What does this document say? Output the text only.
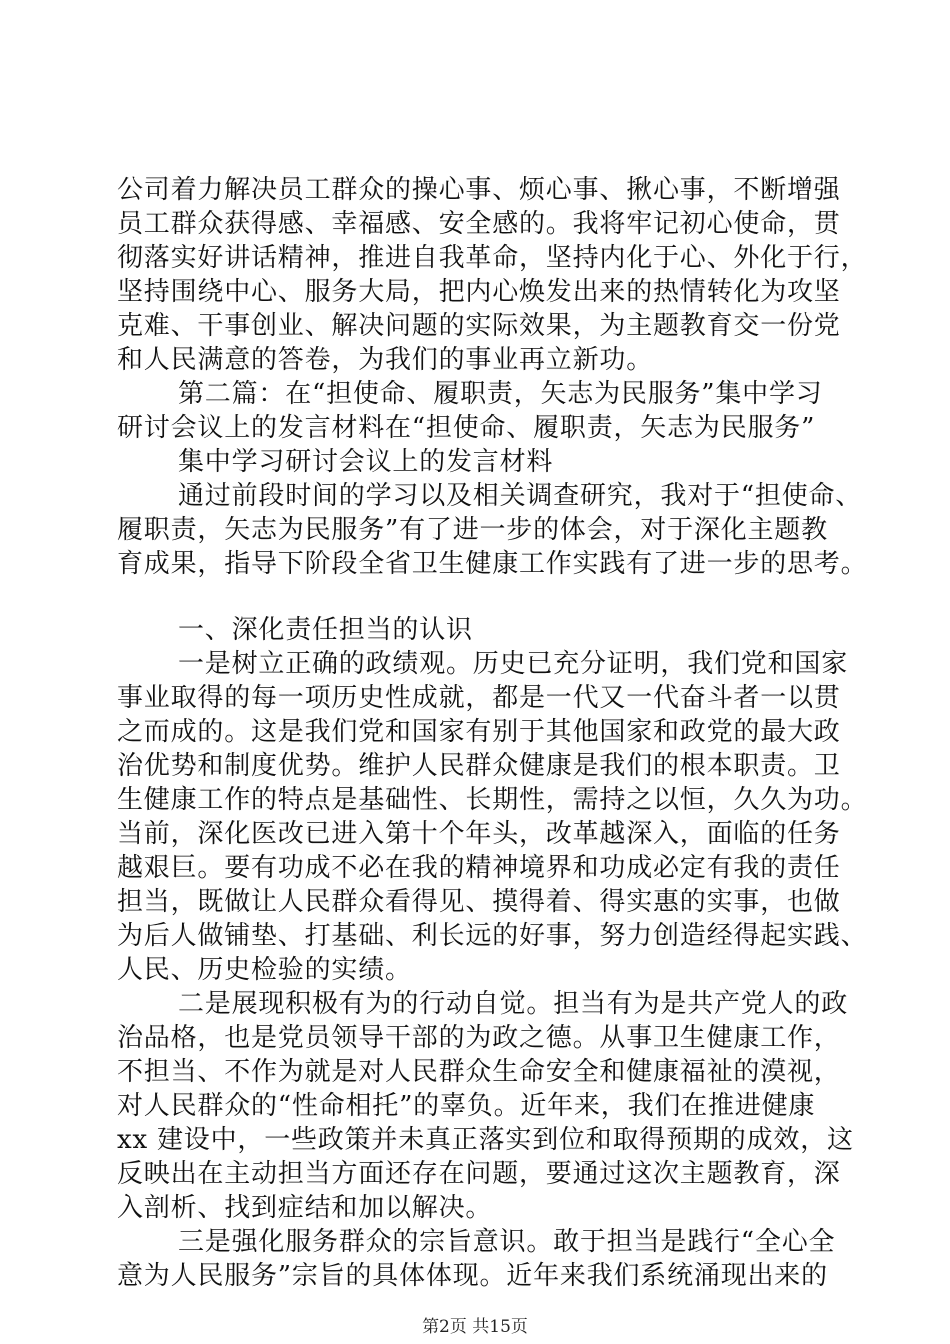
公司着力解决员工群众的操心事、烦心事、揪心事，不断增强
员工群众获得感、幸福感、安全感的。我将牢记初心使命，贯
彻落实好讲话精神，推进自我革命，坚持内化于心、外化于行，
坚持围绕中心、服务大局，把内心焕发出来的热情转化为攻坚
克难、干事创业、解决问题的实际效果，为主题教育交一份党
和人民满意的答卷，为我们的事业再立新功。
第二篇：在“担使命、履职责，矢志为民服务”集中学习
研讨会议上的发言材料在“担使命、履职责，矢志为民服务”
集中学习研讨会议上的发言材料
通过前段时间的学习以及相关调查研究，我对于“担使命、
履职责，矢志为民服务”有了进一步的体会，对于深化主题教
育成果，指导下阶段全省卫生健康工作实践有了进一步的思考。
一、深化责任担当的认识
一是树立正确的政绩观。历史已充分证明，我们党和国家
事业取得的每一项历史性成就，都是一代又一代奋斗者一以贯
之而成的。这是我们党和国家有别于其他国家和政党的最大政
治优势和制度优势。维护人民群众健康是我们的根本职责。卫
生健康工作的特点是基础性、长期性，需持之以恒，久久为功。
当前，深化医改已进入第十个年头，改革越深入，面临的任务
越艰巨。要有功成不必在我的精神境界和功成必定有我的责任
担当，既做让人民群众看得见、摸得着、得实惠的实事，也做
为后人做铺垫、打基础、利长远的好事，努力创造经得起实践、
人民、历史检验的实绩。
二是展现积极有为的行动自觉。担当有为是共产党人的政
治品格，也是党员领导干部的为政之德。从事卫生健康工作，
不担当、不作为就是对人民群众生命安全和健康福祉的漠视，
对人民群众的“性命相托”的辜负。近年来，我们在推进健康
xx 建设中，一些政策并未真正落实到位和取得预期的成效，这
反映出在主动担当方面还存在问题，要通过这次主题教育，深
入剖析、找到症结和加以解决。
三是强化服务群众的宗旨意识。敢于担当是践行“全心全
意为人民服务”宗旨的具体体现。近年来我们系统涌现出来的
第2页 共15页
